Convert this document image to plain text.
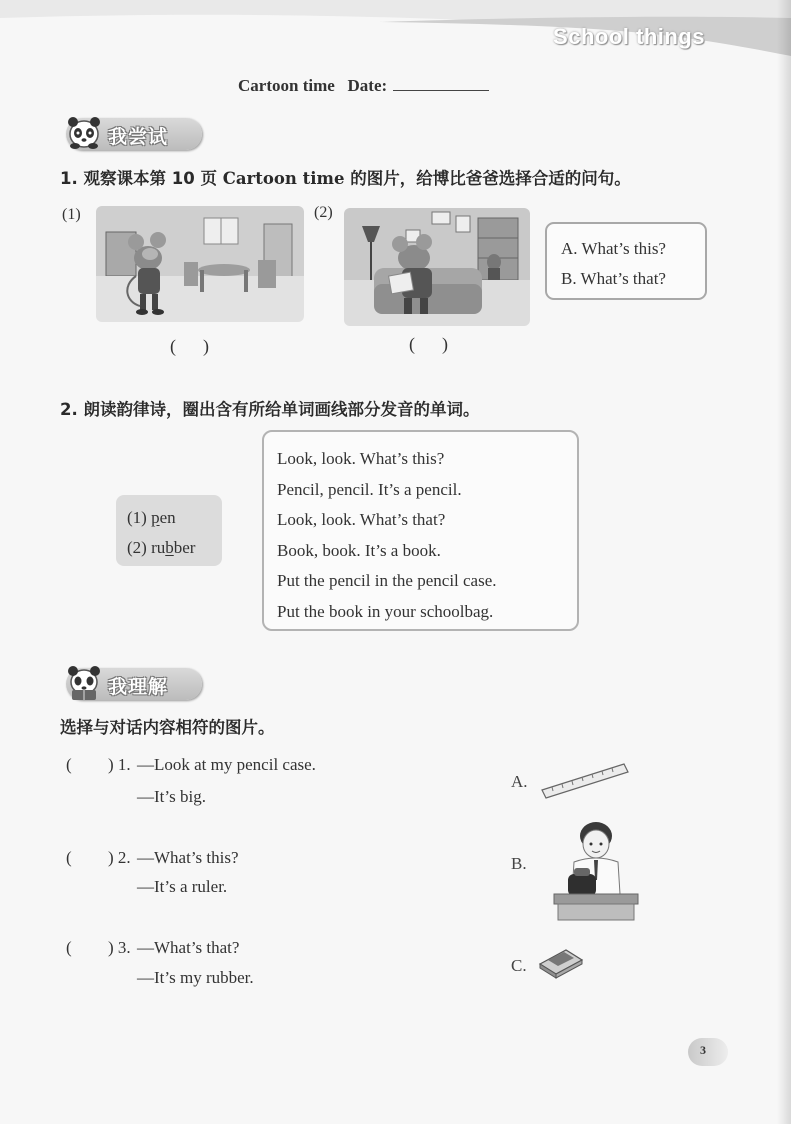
School things
Cartoon time   Date:
我尝试
1. 观察课本第 10 页 Cartoon time 的图片，给博比爸爸选择合适的问句。
(1)	(2)
(      )	(      )
A. What’s this?
B. What’s that?
2. 朗读韵律诗，圈出含有所给单词画线部分发音的单词。
(1) pen
(2) rubber
Look, look. What’s this?
Pencil, pencil. It’s a pencil.
Look, look. What’s that?
Book, book. It’s a book.
Put the pencil in the pencil case.
Put the book in your schoolbag.
我理解
选择与对话内容相符的图片。
( ) 1. —Look at my pencil case.
—It’s big.
( ) 2. —What’s this?
—It’s a ruler.
( ) 3. —What’s that?
—It’s my rubber.
A.
B.
C.
3
